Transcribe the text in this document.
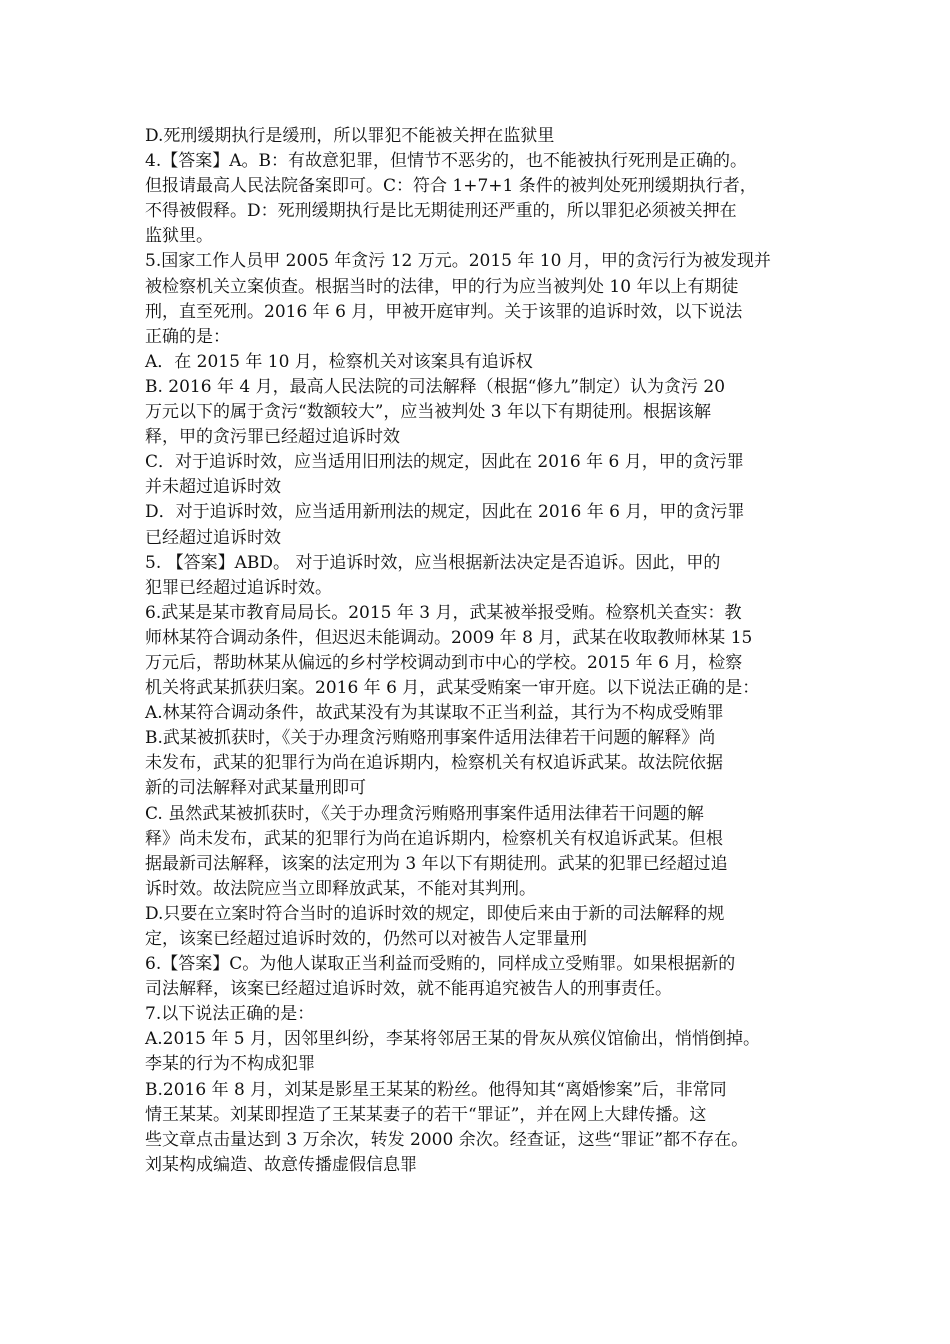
D.死刑缓期执行是缓刑，所以罪犯不能被关押在监狱里
4.【答案】A。B：有故意犯罪，但情节不恶劣的，也不能被执行死刑是正确的。
但报请最高人民法院备案即可。C：符合 1+7+1 条件的被判处死刑缓期执行者，
不得被假释。D：死刑缓期执行是比无期徒刑还严重的，所以罪犯必须被关押在
监狱里。
5.国家工作人员甲 2005 年贪污 12 万元。2015 年 10 月，甲的贪污行为被发现并
被检察机关立案侦查。根据当时的法律，甲的行为应当被判处 10 年以上有期徒
刑，直至死刑。2016 年 6 月，甲被开庭审判。关于该罪的追诉时效，以下说法
正确的是：
A．在 2015 年 10 月，检察机关对该案具有追诉权
B. 2016 年 4 月，最高人民法院的司法解释（根据“修九”制定）认为贪污 20
万元以下的属于贪污“数额较大”，应当被判处 3 年以下有期徒刑。根据该解
释，甲的贪污罪已经超过追诉时效
C．对于追诉时效，应当适用旧刑法的规定，因此在 2016 年 6 月，甲的贪污罪
并未超过追诉时效
D．对于追诉时效，应当适用新刑法的规定，因此在 2016 年 6 月，甲的贪污罪
已经超过追诉时效
5. 【答案】ABD。 对于追诉时效，应当根据新法决定是否追诉。因此，甲的
犯罪已经超过追诉时效。
6.武某是某市教育局局长。2015 年 3 月，武某被举报受贿。检察机关查实：教
师林某符合调动条件，但迟迟未能调动。2009 年 8 月，武某在收取教师林某 15
万元后，帮助林某从偏远的乡村学校调动到市中心的学校。2015 年 6 月，检察
机关将武某抓获归案。2016 年 6 月，武某受贿案一审开庭。以下说法正确的是：
A.林某符合调动条件，故武某没有为其谋取不正当利益，其行为不构成受贿罪
B.武某被抓获时，《关于办理贪污贿赂刑事案件适用法律若干问题的解释》尚
未发布，武某的犯罪行为尚在追诉期内，检察机关有权追诉武某。故法院依据
新的司法解释对武某量刑即可
C. 虽然武某被抓获时，《关于办理贪污贿赂刑事案件适用法律若干问题的解
释》尚未发布，武某的犯罪行为尚在追诉期内，检察机关有权追诉武某。但根
据最新司法解释，该案的法定刑为 3 年以下有期徒刑。武某的犯罪已经超过追
诉时效。故法院应当立即释放武某，不能对其判刑。
D.只要在立案时符合当时的追诉时效的规定，即使后来由于新的司法解释的规
定，该案已经超过追诉时效的，仍然可以对被告人定罪量刑
6.【答案】C。为他人谋取正当利益而受贿的，同样成立受贿罪。如果根据新的
司法解释，该案已经超过追诉时效，就不能再追究被告人的刑事责任。
7.以下说法正确的是：
A.2015 年 5 月，因邻里纠纷，李某将邻居王某的骨灰从殡仪馆偷出，悄悄倒掉。
李某的行为不构成犯罪
B.2016 年 8 月，刘某是影星王某某的粉丝。他得知其“离婚惨案”后，非常同
情王某某。刘某即捏造了王某某妻子的若干“罪证”，并在网上大肆传播。这
些文章点击量达到 3 万余次，转发 2000 余次。经查证，这些“罪证”都不存在。
刘某构成编造、故意传播虚假信息罪
